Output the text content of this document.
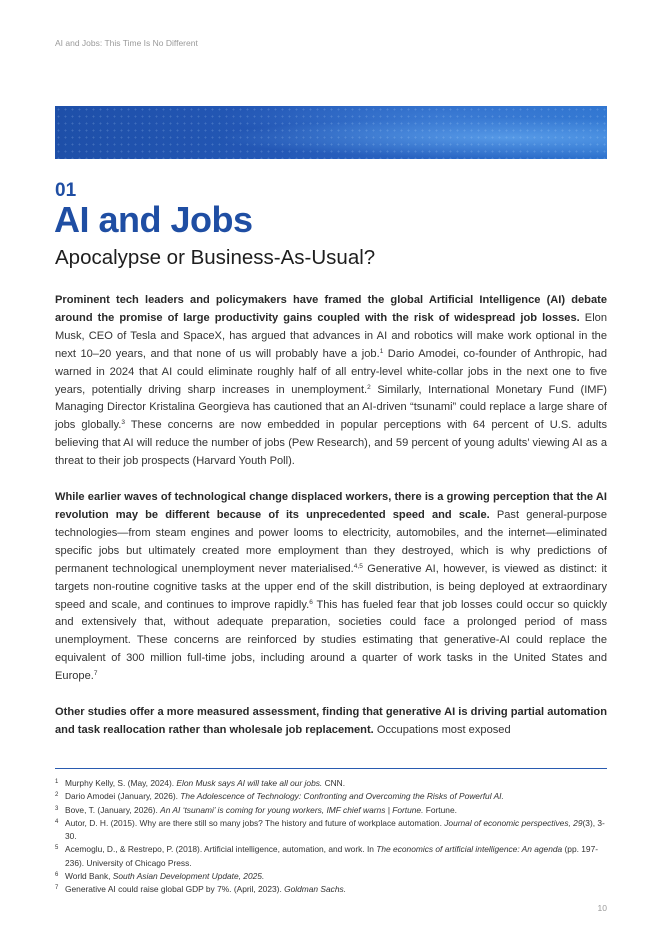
AI and Jobs: This Time Is No Different
01
AI and Jobs
Apocalypse or Business-As-Usual?

Prominent tech leaders and policymakers have framed the global Artificial Intelligence (AI) debate around the promise of large productivity gains coupled with the risk of widespread job losses. Elon Musk, CEO of Tesla and SpaceX, has argued that advances in AI and robotics will make work optional in the next 10–20 years, and that none of us will probably have a job.$^1$ Dario Amodei, co-founder of Anthropic, had warned in 2024 that AI could eliminate roughly half of all entry-level white-collar jobs in the next one to five years, potentially driving sharp increases in unemployment.$^2$ Similarly, International Monetary Fund (IMF) Managing Director Kristalina Georgieva has cautioned that an AI-driven “tsunami” could replace a large share of jobs globally.$^3$ These concerns are now embedded in popular perceptions with 64 percent of U.S. adults believing that AI will reduce the number of jobs (Pew Research), and 59 percent of young adults’ viewing AI as a threat to their job prospects (Harvard Youth Poll).

While earlier waves of technological change displaced workers, there is a growing perception that the AI revolution may be different because of its unprecedented speed and scale. Past general-purpose technologies—from steam engines and power looms to electricity, automobiles, and the internet—eliminated specific jobs but ultimately created more employment than they destroyed, which is why predictions of permanent technological unemployment never materialised.$^{4,5}$ Generative AI, however, is viewed as distinct: it targets non-routine cognitive tasks at the upper end of the skill distribution, is being deployed at extraordinary speed and scale, and continues to improve rapidly.$^6$ This has fueled fear that job losses could occur so quickly and extensively that, without adequate preparation, societies could face a prolonged period of mass unemployment. These concerns are reinforced by studies estimating that generative-AI could replace the equivalent of 300 million full-time jobs, including around a quarter of work tasks in the United States and Europe.$^7$

Other studies offer a more measured assessment, finding that generative AI is driving partial automation and task reallocation rather than wholesale job replacement. Occupations most exposed

1 Murphy Kelly, S. (May, 2024). Elon Musk says AI will take all our jobs. CNN.
2 Dario Amodei (January, 2026). The Adolescence of Technology: Confronting and Overcoming the Risks of Powerful AI.
3 Bove, T. (January, 2026). An AI ‘tsunami’ is coming for young workers, IMF chief warns | Fortune. Fortune.
4 Autor, D. H. (2015). Why are there still so many jobs? The history and future of workplace automation. Journal of economic perspectives, 29(3), 3-30.
5 Acemoglu, D., & Restrepo, P. (2018). Artificial intelligence, automation, and work. In The economics of artificial intelligence: An agenda (pp. 197-236). University of Chicago Press.
6 World Bank, South Asian Development Update, 2025.
7 Generative AI could raise global GDP by 7%. (April, 2023). Goldman Sachs.
10
